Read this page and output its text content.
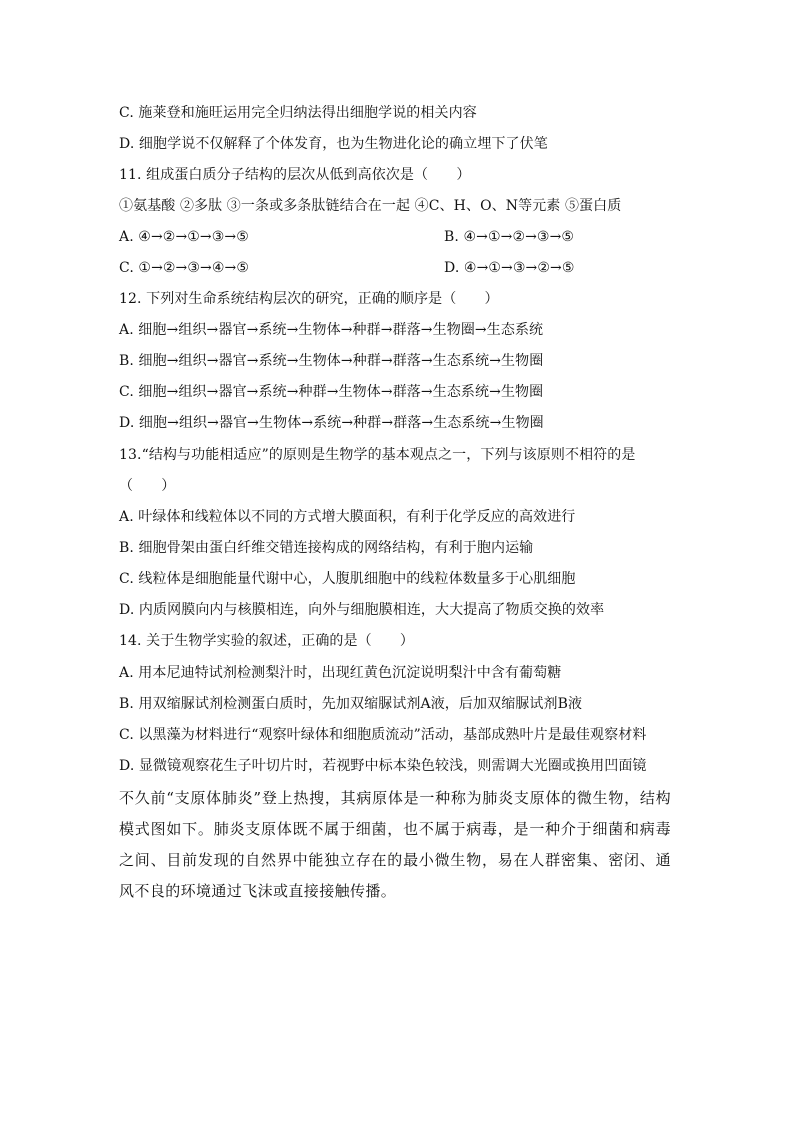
C. 施莱登和施旺运用完全归纳法得出细胞学说的相关内容
D. 细胞学说不仅解释了个体发育，也为生物进化论的确立埋下了伏笔
11. 组成蛋白质分子结构的层次从低到高依次是（　　）
①氨基酸 ②多肽 ③一条或多条肽链结合在一起 ④C、H、O、N等元素 ⑤蛋白质
A. ④→②→①→③→⑤	B. ④→①→②→③→⑤
C. ①→②→③→④→⑤	D. ④→①→③→②→⑤
12. 下列对生命系统结构层次的研究，正确的顺序是（　　）
A. 细胞→组织→器官→系统→生物体→种群→群落→生物圈→生态系统
B. 细胞→组织→器官→系统→生物体→种群→群落→生态系统→生物圈
C. 细胞→组织→器官→系统→种群→生物体→群落→生态系统→生物圈
D. 细胞→组织→器官→生物体→系统→种群→群落→生态系统→生物圈
13.“结构与功能相适应”的原则是生物学的基本观点之一，下列与该原则不相符的是
（　　）
A. 叶绿体和线粒体以不同的方式增大膜面积，有利于化学反应的高效进行
B. 细胞骨架由蛋白纤维交错连接构成的网络结构，有利于胞内运输
C. 线粒体是细胞能量代谢中心，人腹肌细胞中的线粒体数量多于心肌细胞
D. 内质网膜向内与核膜相连，向外与细胞膜相连，大大提高了物质交换的效率
14. 关于生物学实验的叙述，正确的是（　　）
A. 用本尼迪特试剂检测梨汁时，出现红黄色沉淀说明梨汁中含有葡萄糖
B. 用双缩脲试剂检测蛋白质时，先加双缩脲试剂A液，后加双缩脲试剂B液
C. 以黑藻为材料进行“观察叶绿体和细胞质流动”活动，基部成熟叶片是最佳观察材料
D. 显微镜观察花生子叶切片时，若视野中标本染色较浅，则需调大光圈或换用凹面镜
不久前“支原体肺炎”登上热搜，其病原体是一种称为肺炎支原体的微生物，结构模式图如下。肺炎支原体既不属于细菌，也不属于病毒，是一种介于细菌和病毒之间、目前发现的自然界中能独立存在的最小微生物，易在人群密集、密闭、通风不良的环境通过飞沫或直接接触传播。
